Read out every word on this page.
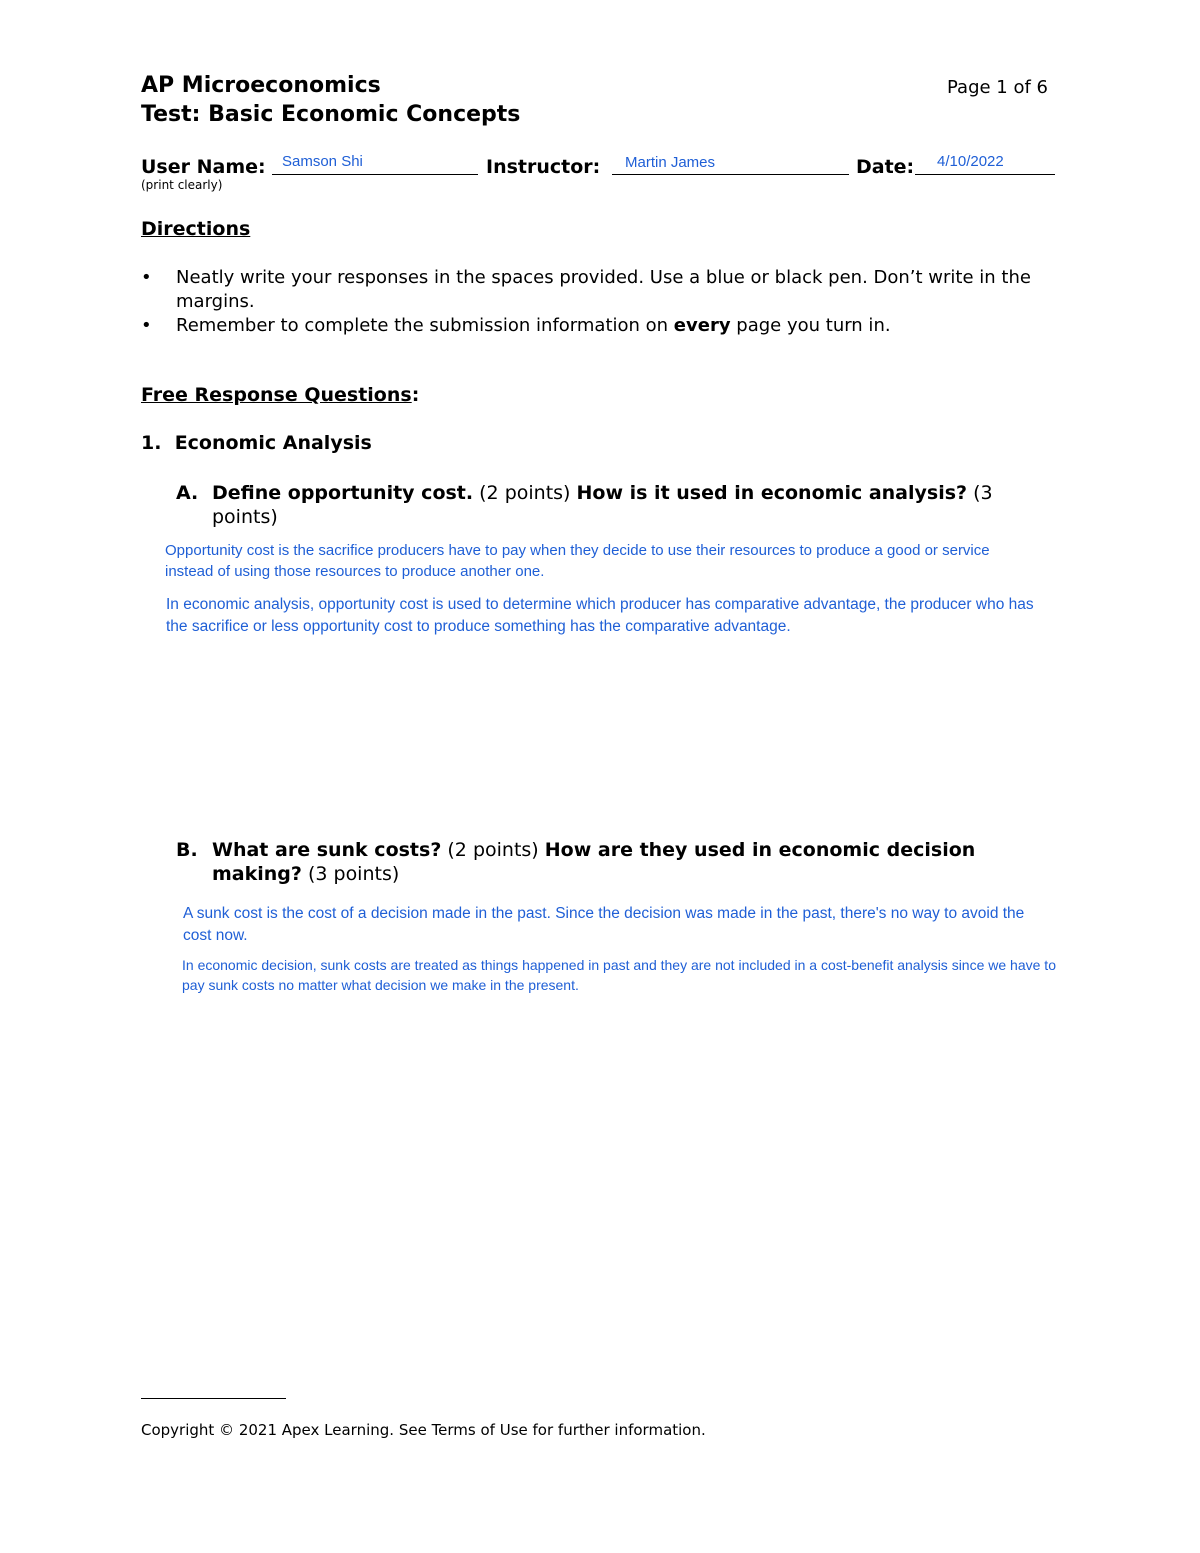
AP Microeconomics
Test: Basic Economic Concepts
Page 1 of 6
User Name: Samson Shi	Instructor: Martin James	Date: 4/10/2022
(print clearly)
Directions
• Neatly write your responses in the spaces provided. Use a blue or black pen. Don’t write in the margins.
• Remember to complete the submission information on every page you turn in.
Free Response Questions:
1. Economic Analysis
A. Define opportunity cost. (2 points) How is it used in economic analysis? (3 points)
Opportunity cost is the sacrifice producers have to pay when they decide to use their resources to produce a good or service instead of using those resources to produce another one.
In economic analysis, opportunity cost is used to determine which producer has comparative advantage, the producer who has the sacrifice or less opportunity cost to produce something has the comparative advantage.
B. What are sunk costs? (2 points) How are they used in economic decision making? (3 points)
A sunk cost is the cost of a decision made in the past. Since the decision was made in the past, there's no way to avoid the cost now.
In economic decision, sunk costs are treated as things happened in past and they are not included in a cost-benefit analysis since we have to pay sunk costs no matter what decision we make in the present.
Copyright © 2021 Apex Learning. See Terms of Use for further information.
